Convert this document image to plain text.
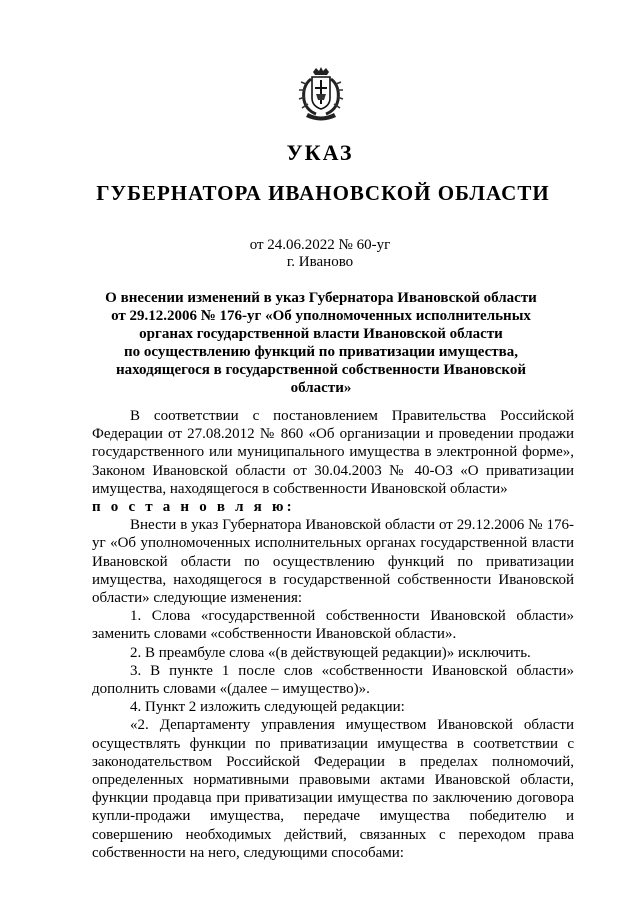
УКАЗ
ГУБЕРНАТОРА ИВАНОВСКОЙ ОБЛАСТИ
от 24.06.2022 № 60-уг
г. Иваново
О внесении изменений в указ Губернатора Ивановской области
от 29.12.2006 № 176-уг «Об уполномоченных исполнительных
органах государственной власти Ивановской области
по осуществлению функций по приватизации имущества,
находящегося в государственной собственности Ивановской области»

В соответствии с постановлением Правительства Российской Федерации от 27.08.2012 № 860 «Об организации и проведении продажи государственного или муниципального имущества в электронной форме», Законом Ивановской области от 30.04.2003 № 40-ОЗ «О приватизации имущества, находящегося в собственности Ивановской области»

п о с т а н о в л я ю:

Внести в указ Губернатора Ивановской области от 29.12.2006 № 176-уг «Об уполномоченных исполнительных органах государственной власти Ивановской области по осуществлению функций по приватизации имущества, находящегося в государственной собственности Ивановской области» следующие изменения:

1. Слова «государственной собственности Ивановской области» заменить словами «собственности Ивановской области».

2. В преамбуле слова «(в действующей редакции)» исключить.

3. В пункте 1 после слов «собственности Ивановской области» дополнить словами «(далее – имущество)».

4. Пункт 2 изложить следующей редакции:

«2. Департаменту управления имуществом Ивановской области осуществлять функции по приватизации имущества в соответствии с законодательством Российской Федерации в пределах полномочий, определенных нормативными правовыми актами Ивановской области, функции продавца при приватизации имущества по заключению договора купли-продажи имущества, передаче имущества победителю и совершению необходимых действий, связанных с переходом права собственности на него, следующими способами:
